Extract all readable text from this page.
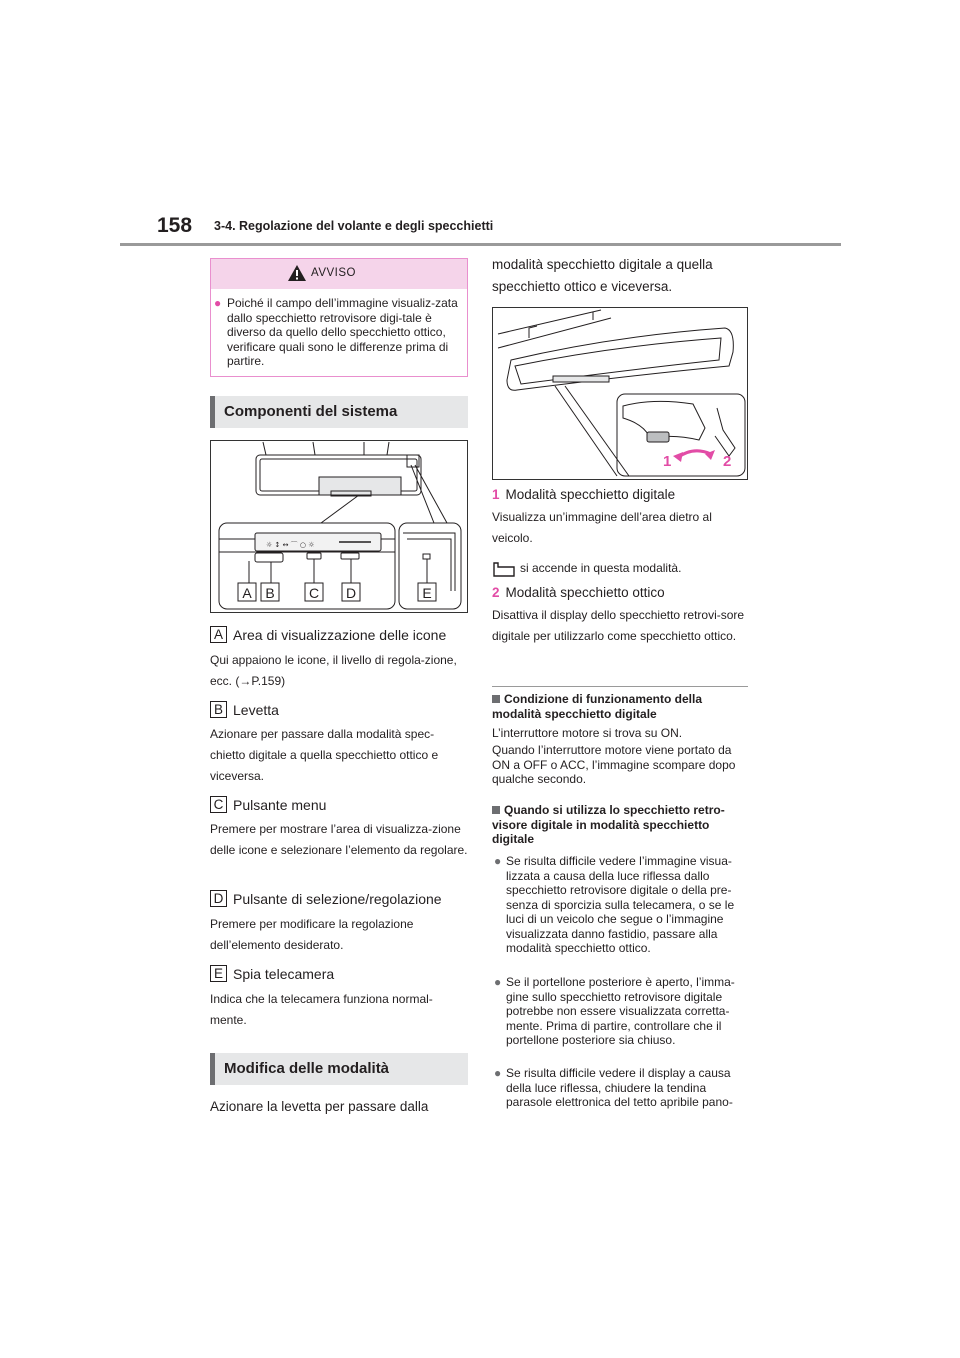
158 3-4. Regolazione del volante e degli specchietti
AVVISO
● Poiché il campo dell’immagine visualiz-zata dallo specchietto retrovisore digi-tale è diverso da quello dello specchietto ottico, verificare quali sono le differenze prima di partire.
Componenti del sistema
☼ ↕ ↔ ⌒ ○ ☼
A B C D	E
A Area di visualizzazione delle icone
Qui appaiono le icone, il livello di regola-zione, ecc. (→P.159)
B Levetta
Azionare per passare dalla modalità spec-chietto digitale a quella specchietto ottico e viceversa.
C Pulsante menu
Premere per mostrare l’area di visualizza-zione delle icone e selezionare l’elemento da regolare.
D Pulsante di selezione/regolazione
Premere per modificare la regolazione dell’elemento desiderato.
E Spia telecamera
Indica che la telecamera funziona normal-mente.
Modifica delle modalità
Azionare la levetta per passare dalla
modalità specchietto digitale a quella specchietto ottico e viceversa.
1	2
1 Modalità specchietto digitale
Visualizza un’immagine dell’area dietro al veicolo.
si accende in questa modalità.
2 Modalità specchietto ottico
Disattiva il display dello specchietto retrovi-sore digitale per utilizzarlo come specchietto ottico.
Condizione di funzionamento della modalità specchietto digitale
L’interruttore motore si trova su ON.
Quando l’interruttore motore viene portato da ON a OFF o ACC, l’immagine scompare dopo qualche secondo.
Quando si utilizza lo specchietto retro-visore digitale in modalità specchietto digitale
● Se risulta difficile vedere l’immagine visua-lizzata a causa della luce riflessa dallo specchietto retrovisore digitale o della pre-senza di sporcizia sulla telecamera, o se le luci di un veicolo che segue o l’immagine visualizzata danno fastidio, passare alla modalità specchietto ottico.
● Se il portellone posteriore è aperto, l’imma-gine sullo specchietto retrovisore digitale potrebbe non essere visualizzata corretta-mente. Prima di partire, controllare che il portellone posteriore sia chiuso.
● Se risulta difficile vedere il display a causa della luce riflessa, chiudere la tendina parasole elettronica del tetto apribile pano-
